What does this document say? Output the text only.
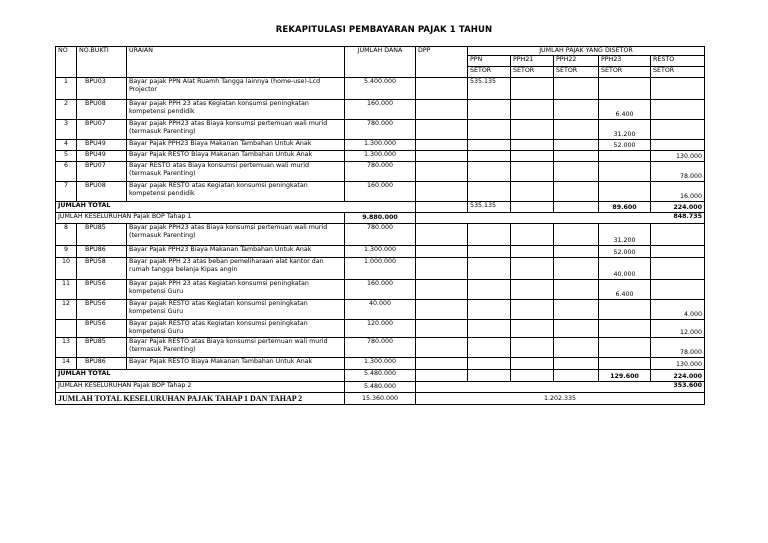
REKAPITULASI PEMBAYARAN PAJAK 1 TAHUN
NO	NO.BUKTI	URAIAN	JUMLAH DANA	DPP	JUMLAH PAJAK YANG DISETOR				
					PPN	PPH21	PPH22	PPH23	RESTO
					SETOR	SETOR	SETOR	SETOR	SETOR
1	BPU03	Bayar pajak PPN Alat Ruamh Tangga lainnya (home-use)-Lcd Projector	5.400.000		535.135				
2	BPU08	Bayar pajak PPH 23 atas Kegiatan konsumsi peningkatan kompetensi pendidik	160.000					6.400	
3	BPU07	Bayar pajak PPH23 atas Biaya konsumsi pertemuan wali murid (termasuk Parenting)	780.000					31.200	
4	BPU49	Bayar Pajak PPH23 Biaya Makanan Tambahan Untuk Anak	1.300.000					52.000	
5	BPU49	Bayar Pajak RESTO Biaya Makanan Tambahan Untuk Anak	1.300.000						130.000
6	BPU07	Bayar RESTO atas Biaya konsumsi pertemuan wali murid (termasuk Parenting)	780.000						78.000
7	BPU08	Bayar pajak RESTO atas Kegiatan konsumsi peningkatan kompetensi pendidik	160.000						16.000
JUMLAH TOTAL					535.135			89.600	224.000
JUMLAH KESELURUHAN Pajak BOP Tahap 1			9.880.000	848.735					
8	BPU85	Bayar pajak PPH23 atas Biaya konsumsi pertemuan wali murid (termasuk Parenting)	780.000					31.200	
9	BPU86	Bayar Pajak PPH23 Biaya Makanan Tambahan Untuk Anak	1.300.000					52.000	
10	BPU58	Bayar pajak PPH 23 atas beban pemeliharaan alat kantor dan rumah tangga belanja Kipas angin	1.000.000					40.000	
11	BPU56	Bayar pajak PPH 23 atas Kegiatan konsumsi peningkatan kompetensi Guru	160.000					6.400	
12	BPU56	Bayar pajak RESTO atas Kegiatan konsumsi peningkatan kompetensi Guru	40.000						4.000
	BPU56	Bayar pajak RESTO atas Kegiatan konsumsi peningkatan kompetensi Guru	120.000						12.000
13	BPU85	Bayar Pajak RESTO atas Biaya konsumsi pertemuan wali murid (termasuk Parenting)	780.000						78.000
14	BPU86	Bayar Pajak RESTO Biaya Makanan Tambahan Untuk Anak	1.300.000						130.000
JUMLAH TOTAL			5.480.000					129.600	224.000
JUMLAH KESELURUHAN Pajak BOP Tahap 2			5.480.000	353.600					
JUMLAH TOTAL KESELURUHAN PAJAK TAHAP 1 DAN TAHAP 2			15.360.000	1.202.335					
